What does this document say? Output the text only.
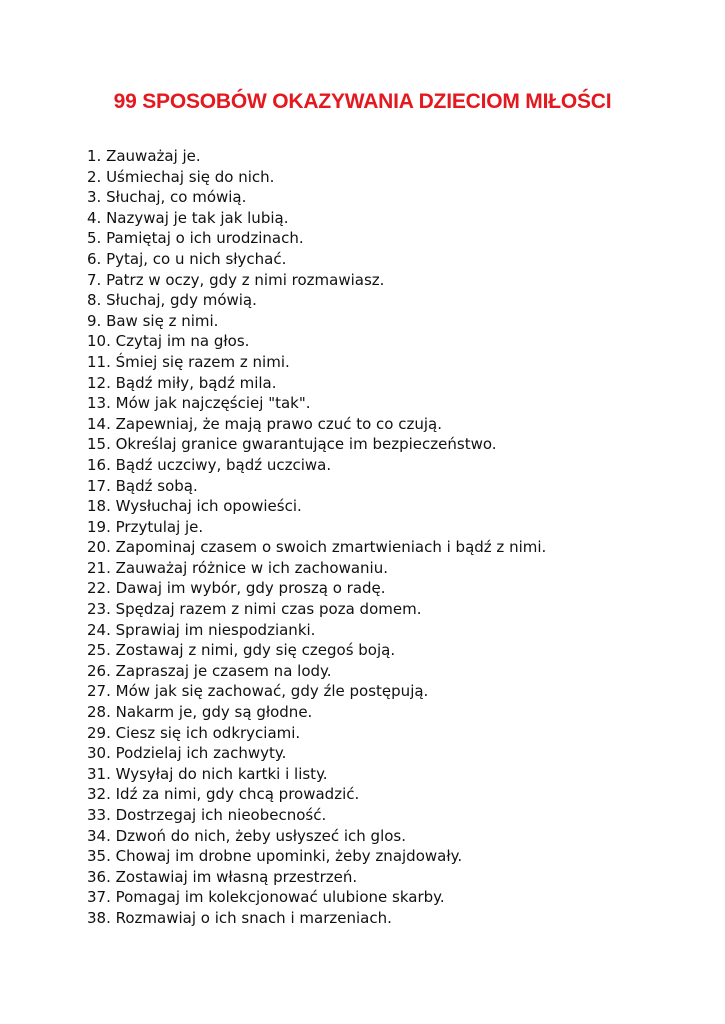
99 SPOSOBÓW OKAZYWANIA DZIECIOM MIŁOŚCI
1. Zauważaj je.
2. Uśmiechaj się do nich.
3. Słuchaj, co mówią.
4. Nazywaj je tak jak lubią.
5. Pamiętaj o ich urodzinach.
6. Pytaj, co u nich słychać.
7. Patrz w oczy, gdy z nimi rozmawiasz.
8. Słuchaj, gdy mówią.
9. Baw się z nimi.
10. Czytaj im na głos.
11. Śmiej się razem z nimi.
12. Bądź miły, bądź mila.
13. Mów jak najczęściej "tak".
14. Zapewniaj, że mają prawo czuć to co czują.
15. Określaj granice gwarantujące im bezpieczeństwo.
16. Bądź uczciwy, bądź uczciwa.
17. Bądź sobą.
18. Wysłuchaj ich opowieści.
19. Przytulaj je.
20. Zapominaj czasem o swoich zmartwieniach i bądź z nimi.
21. Zauważaj różnice w ich zachowaniu.
22. Dawaj im wybór, gdy proszą o radę.
23. Spędzaj razem z nimi czas poza domem.
24. Sprawiaj im niespodzianki.
25. Zostawaj z nimi, gdy się czegoś boją.
26. Zapraszaj je czasem na lody.
27. Mów jak się zachować, gdy źle postępują.
28. Nakarm je, gdy są głodne.
29. Ciesz się ich odkryciami.
30. Podzielaj ich zachwyty.
31. Wysyłaj do nich kartki i listy.
32. Idź za nimi, gdy chcą prowadzić.
33. Dostrzegaj ich nieobecność.
34. Dzwoń do nich, żeby usłyszeć ich glos.
35. Chowaj im drobne upominki, żeby znajdowały.
36. Zostawiaj im własną przestrzeń.
37. Pomagaj im kolekcjonować ulubione skarby.
38. Rozmawiaj o ich snach i marzeniach.
